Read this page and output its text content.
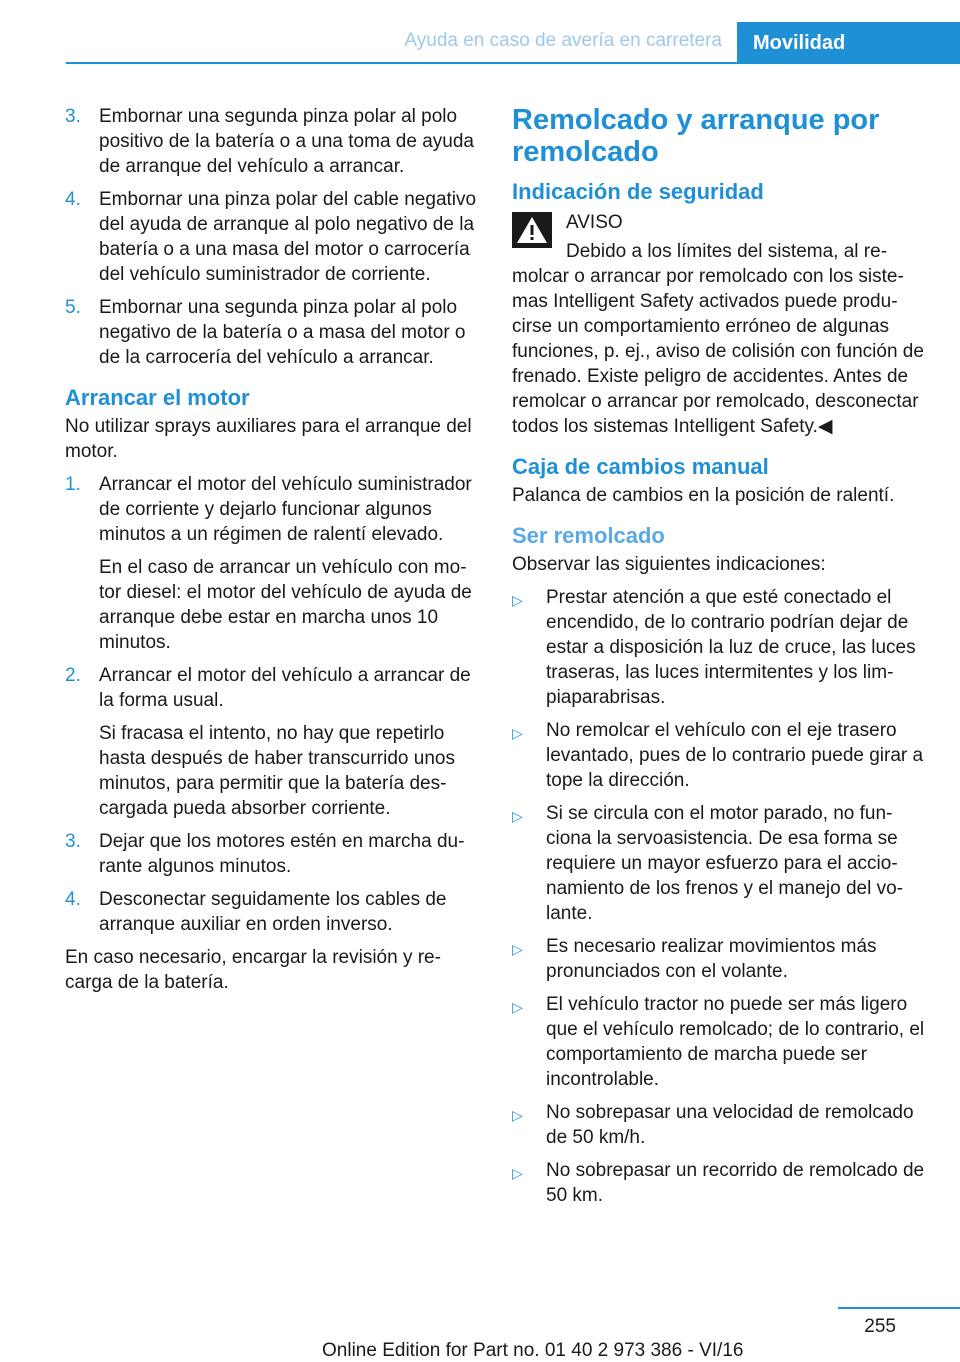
Ayuda en caso de avería en carretera	Movilidad
3. Embornar una segunda pinza polar al polo positivo de la batería o a una toma de ayuda de arranque del vehículo a arrancar.

4. Embornar una pinza polar del cable negativo del ayuda de arranque al polo negativo de la batería o a una masa del motor o carrocería del vehículo suministrador de corriente.

5. Embornar una segunda pinza polar al polo negativo de la batería o a masa del motor o de la carrocería del vehículo a arrancar.

Arrancar el motor

No utilizar sprays auxiliares para el arranque del motor.

1. Arrancar el motor del vehículo suministrador de corriente y dejarlo funcionar algunos minutos a un régimen de ralentí elevado.

En el caso de arrancar un vehículo con motor diesel: el motor del vehículo de ayuda de arranque debe estar en marcha unos 10 minutos.

2. Arrancar el motor del vehículo a arrancar de la forma usual.

Si fracasa el intento, no hay que repetirlo hasta después de haber transcurrido unos minutos, para permitir que la batería descargada pueda absorber corriente.

3. Dejar que los motores estén en marcha durante algunos minutos.

4. Desconectar seguidamente los cables de arranque auxiliar en orden inverso.

En caso necesario, encargar la revisión y recarga de la batería.

Remolcado y arranque por remolcado
Indicación de seguridad
AVISO

Debido a los límites del sistema, al remolcar o arrancar por remolcado con los sistemas Intelligent Safety activados puede producirse un comportamiento erróneo de algunas funciones, p. ej., aviso de colisión con función de frenado. Existe peligro de accidentes. Antes de remolcar o arrancar por remolcado, desconectar todos los sistemas Intelligent Safety.◀

Caja de cambios manual

Palanca de cambios en la posición de ralentí.

Ser remolcado

Observar las siguientes indicaciones:

▷	Prestar atención a que esté conectado el encendido, de lo contrario podrían dejar de estar a disposición la luz de cruce, las luces traseras, las luces intermitentes y los limpiaparabrisas.
▷	No remolcar el vehículo con el eje trasero levantado, pues de lo contrario puede girar a tope la dirección.
▷	Si se circula con el motor parado, no funciona la servoasistencia. De esa forma se requiere un mayor esfuerzo para el accionamiento de los frenos y el manejo del volante.
▷	Es necesario realizar movimientos más pronunciados con el volante.
▷	El vehículo tractor no puede ser más ligero que el vehículo remolcado; de lo contrario, el comportamiento de marcha puede ser incontrolable.
▷	No sobrepasar una velocidad de remolcado de 50 km/h.
▷	No sobrepasar un recorrido de remolcado de 50 km.
255
Online Edition for Part no. 01 40 2 973 386 - VI/16
